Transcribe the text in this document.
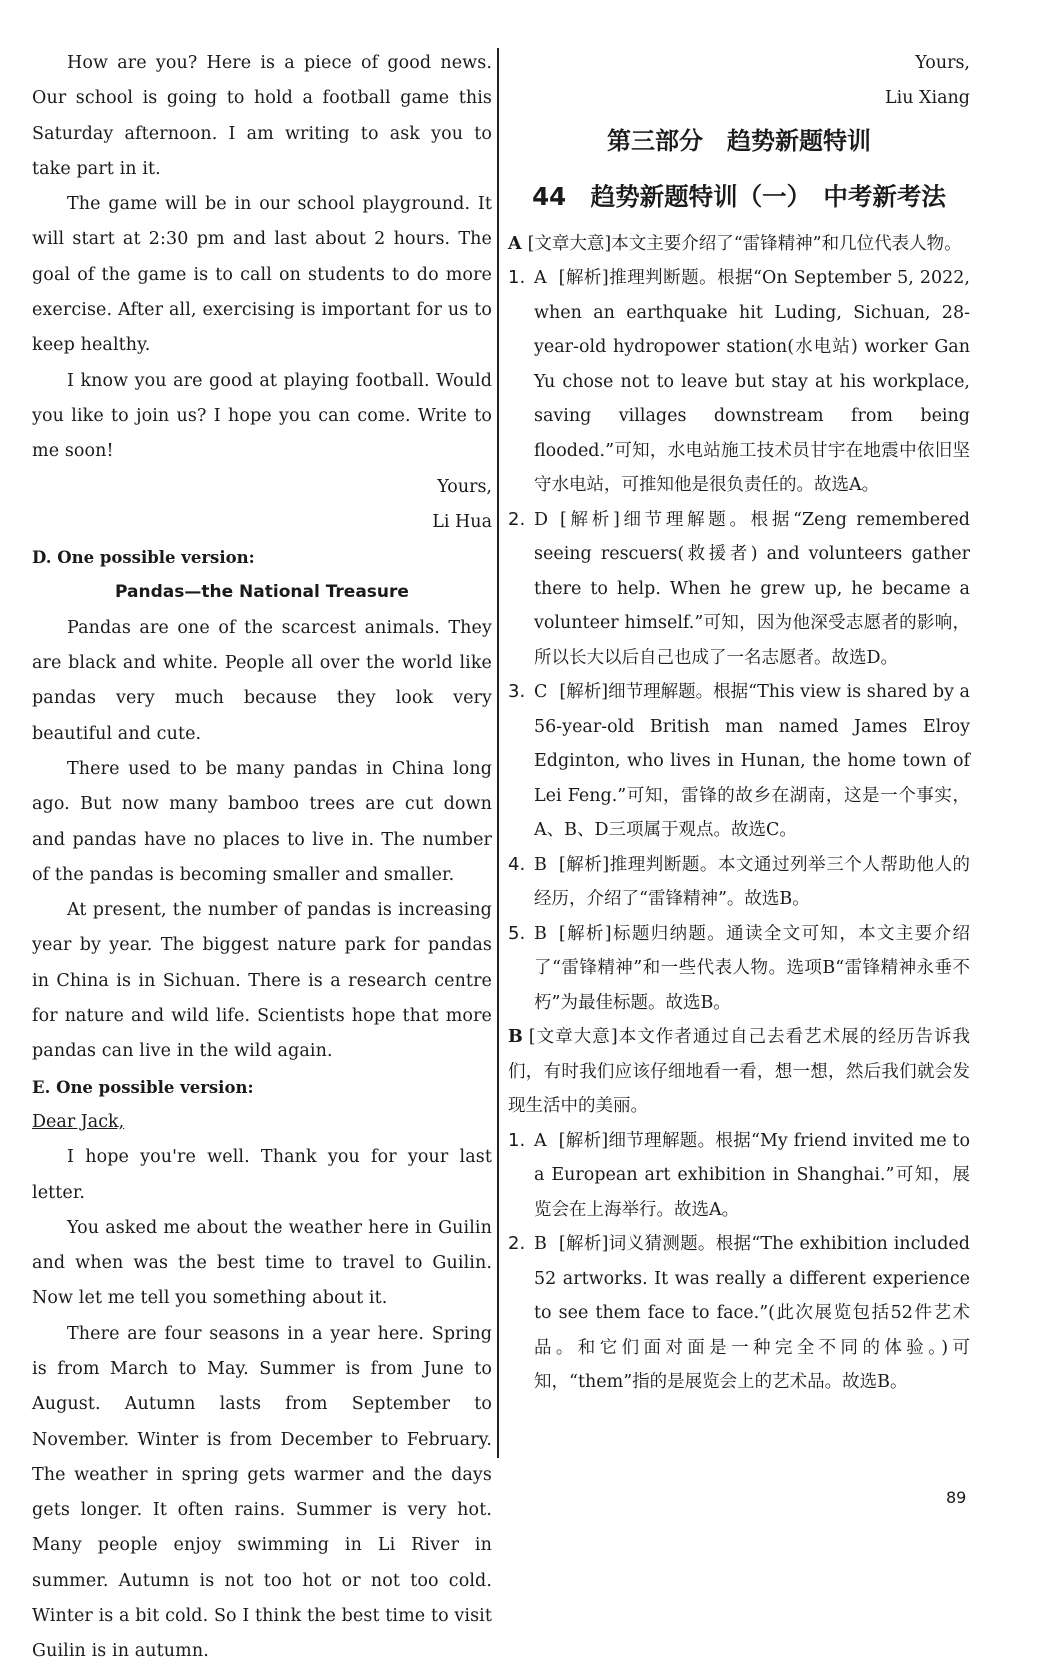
How are you? Here is a piece of good news. Our school is going to hold a football game this Saturday afternoon. I am writing to ask you to take part in it.

The game will be in our school playground. It will start at 2:30 pm and last about 2 hours. The goal of the game is to call on students to do more exercise. After all, exercising is important for us to keep healthy.

I know you are good at playing football. Would you like to join us? I hope you can come. Write to me soon!

Yours,

Li Hua

D. One possible version:

Pandas—the National Treasure

Pandas are one of the scarcest animals. They are black and white. People all over the world like pandas very much because they look very beautiful and cute.

There used to be many pandas in China long ago. But now many bamboo trees are cut down and pandas have no places to live in. The number of the pandas is becoming smaller and smaller.

At present, the number of pandas is increasing year by year. The biggest nature park for pandas in China is in Sichuan. There is a research centre for nature and wild life. Scientists hope that more pandas can live in the wild again.

E. One possible version:

Dear Jack,

I hope you're well. Thank you for your last letter.

You asked me about the weather here in Guilin and when was the best time to travel to Guilin. Now let me tell you something about it.

There are four seasons in a year here. Spring is from March to May. Summer is from June to August. Autumn lasts from September to November. Winter is from December to February. The weather in spring gets warmer and the days gets longer. It often rains. Summer is very hot. Many people enjoy swimming in Li River in summer. Autumn is not too hot or not too cold. Winter is a bit cold. So I think the best time to visit Guilin is in autumn.

Yours,

Liu Xiang

第三部分　趋势新题特训

44　趋势新题特训（一）　中考新考法

A [文章大意]本文主要介绍了“雷锋精神”和几位代表人物。

1. A [解析]推理判断题。根据“On September 5, 2022, when an earthquake hit Luding, Sichuan, 28-year-old hydropower station(水电站) worker Gan Yu chose not to leave but stay at his workplace, saving villages downstream from being flooded.”可知，水电站施工技术员甘宇在地震中依旧坚守水电站，可推知他是很负责任的。故选A。
2. D [解析]细节理解题。根据“Zeng remembered seeing rescuers(救援者) and volunteers gather there to help. When he grew up, he became a volunteer himself.”可知，因为他深受志愿者的影响，所以长大以后自己也成了一名志愿者。故选D。
3. C [解析]细节理解题。根据“This view is shared by a 56-year-old British man named James Elroy Edginton, who lives in Hunan, the home town of Lei Feng.”可知，雷锋的故乡在湖南，这是一个事实，A、B、D三项属于观点。故选C。
4. B [解析]推理判断题。本文通过列举三个人帮助他人的经历，介绍了“雷锋精神”。故选B。
5. B [解析]标题归纳题。通读全文可知，本文主要介绍了“雷锋精神”和一些代表人物。选项B“雷锋精神永垂不朽”为最佳标题。故选B。

B [文章大意]本文作者通过自己去看艺术展的经历告诉我们，有时我们应该仔细地看一看，想一想，然后我们就会发现生活中的美丽。

1. A [解析]细节理解题。根据“My friend invited me to a European art exhibition in Shanghai.”可知，展览会在上海举行。故选A。
2. B [解析]词义猜测题。根据“The exhibition included 52 artworks. It was really a different experience to see them face to face.”(此次展览包括52件艺术品。和它们面对面是一种完全不同的体验。)可知，“them”指的是展览会上的艺术品。故选B。
89
